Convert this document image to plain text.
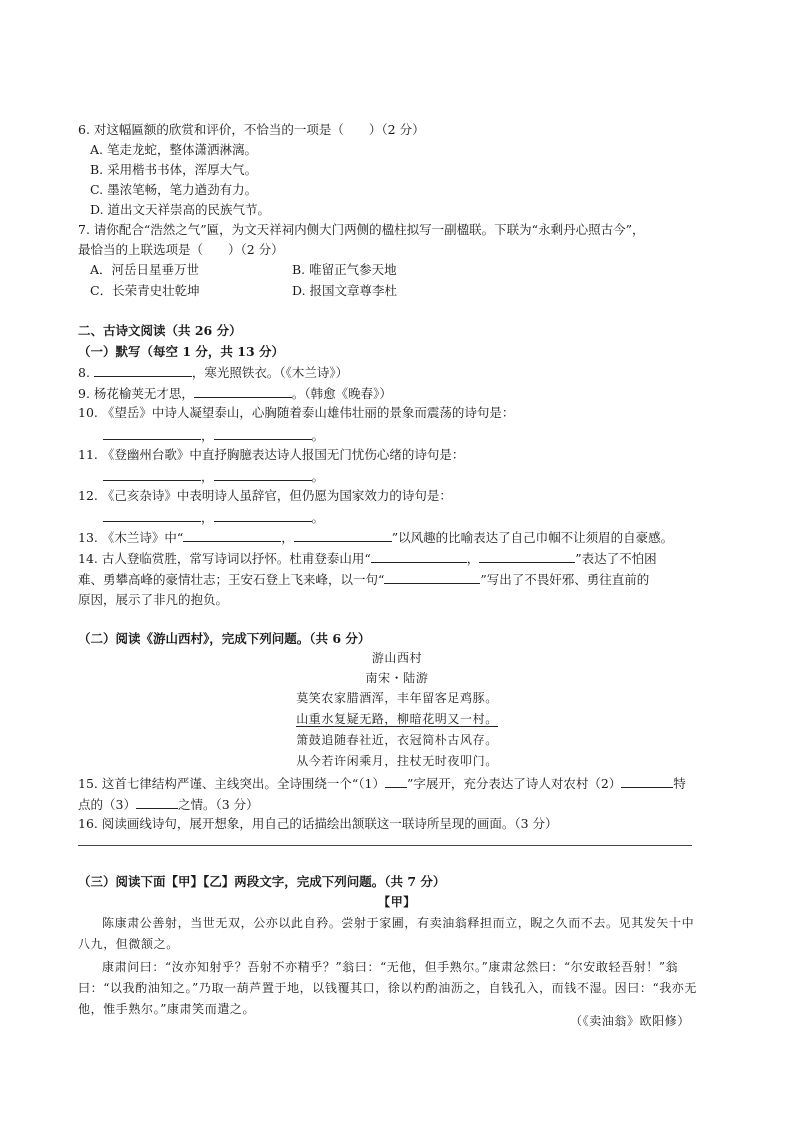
6. 对这幅匾额的欣赏和评价，不恰当的一项是（　　）（2 分）
A. 笔走龙蛇，整体潇洒淋漓。
B. 采用楷书书体，浑厚大气。
C. 墨浓笔畅，笔力遒劲有力。
D. 道出文天祥崇高的民族气节。
7. 请你配合“浩然之气”匾，为文天祥祠内侧大门两侧的楹柱拟写一副楹联。下联为“永剩丹心照古今”，
最恰当的上联选项是（　　）（2 分）
A．河岳日星垂万世	B. 唯留正气参天地
C．长荣青史壮乾坤	D. 报国文章尊李杜
二、古诗文阅读（共 26 分）
（一）默写（每空 1 分，共 13 分）
8.	，寒光照铁衣。（《木兰诗》）
9. 杨花榆荚无才思，	。（韩愈《晚春》）
10. 《望岳》中诗人凝望泰山，心胸随着泰山雄伟壮丽的景象而震荡的诗句是：
，	。
11. 《登幽州台歌》中直抒胸臆表达诗人报国无门忧伤心绪的诗句是：
，	。
12. 《己亥杂诗》中表明诗人虽辞官，但仍愿为国家效力的诗句是：
，	。
13. 《木兰诗》中“	，	”以风趣的比喻表达了自己巾帼不让须眉的自豪感。
14. 古人登临赏胜，常写诗词以抒怀。杜甫登泰山用“	，	”表达了不怕困
难、勇攀高峰的豪情壮志；王安石登上飞来峰，以一句“	”写出了不畏奸邪、勇往直前的
原因，展示了非凡的抱负。
（二）阅读《游山西村》，完成下列问题。（共 6 分）
游山西村
南宋・陆游
莫笑农家腊酒浑，丰年留客足鸡豚。
山重水复疑无路，柳暗花明又一村。
箫鼓追随春社近，衣冠简朴古风存。
从今若许闲乘月，拄杖无时夜叩门。
15. 这首七律结构严谨、主线突出。全诗围绕一个“（1） ”字展开，充分表达了诗人对农村（2）	特
点的（3）	之情。（3 分）
16. 阅读画线诗句，展开想象，用自己的话描绘出颔联这一联诗所呈现的画面。（3 分）
（三）阅读下面【甲】【乙】两段文字，完成下列问题。（共 7 分）
【甲】
陈康肃公善射，当世无双，公亦以此自矜。尝射于家圃，有卖油翁释担而立，睨之久而不去。见其发矢十中八九，但微颔之。
康肃问曰：“汝亦知射乎？吾射不亦精乎？”翁曰：“无他，但手熟尔。”康肃忿然曰：“尔安敢轻吾射！”翁曰：“以我酌油知之。”乃取一葫芦置于地，以钱覆其口，徐以杓酌油沥之，自钱孔入，而钱不湿。因曰：“我亦无他，惟手熟尔。”康肃笑而遣之。
（《卖油翁》欧阳修）
